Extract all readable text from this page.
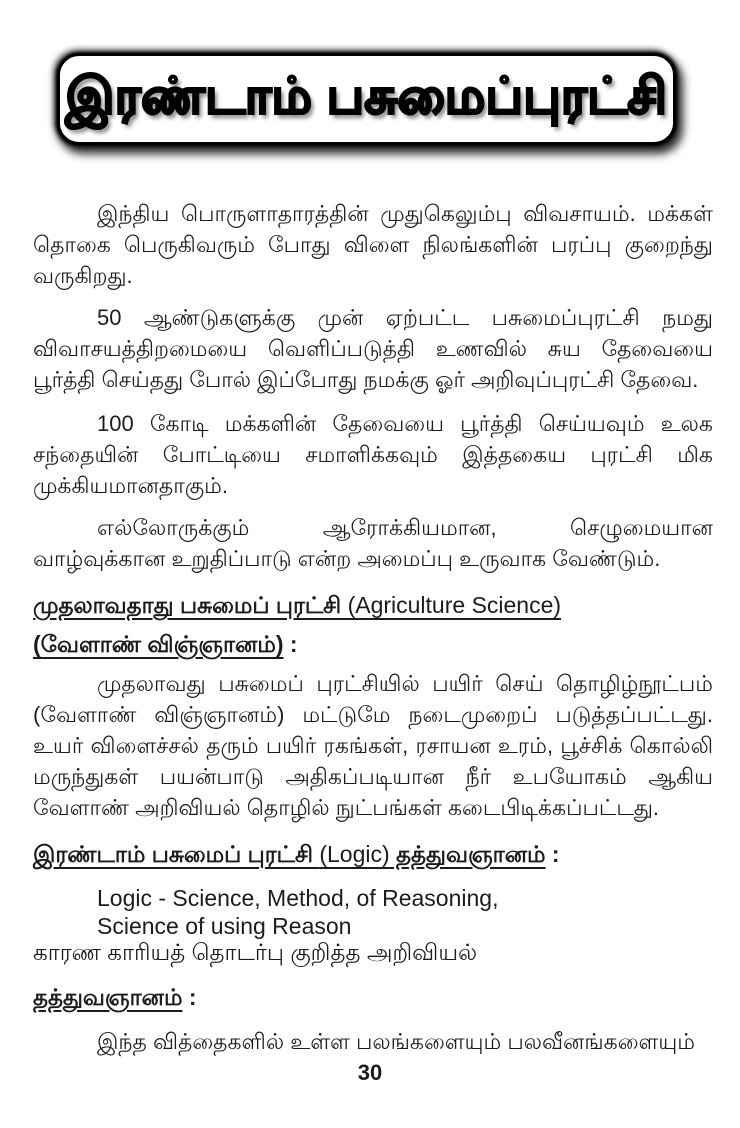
இரண்டாம் பசுமைப்புரட்சி
இந்திய பொருளாதாரத்தின் முதுகெலும்பு விவசாயம். மக்கள் தொகை பெருகிவரும் போது விளை நிலங்களின் பரப்பு குறைந்து வருகிறது.
50 ஆண்டுகளுக்கு முன் ஏற்பட்ட பசுமைப்புரட்சி நமது விவாசயத்திறமையை வெளிப்படுத்தி உணவில் சுய தேவையை பூர்த்தி செய்தது போல் இப்போது நமக்கு ஓர் அறிவுப்புரட்சி தேவை.
100 கோடி மக்களின் தேவையை பூர்த்தி செய்யவும் உலக சந்தையின் போட்டியை சமாளிக்கவும் இத்தகைய புரட்சி மிக முக்கியமானதாகும்.
எல்லோருக்கும் ஆரோக்கியமான, செழுமையான வாழ்வுக்கான உறுதிப்பாடு என்ற அமைப்பு உருவாக வேண்டும்.
முதலாவதாது பசுமைப் புரட்சி (Agriculture Science)
(வேளாண் விஞ்ஞானம்) :
முதலாவது பசுமைப் புரட்சியில் பயிர் செய் தொழிழ்நூட்பம் (வேளாண் விஞ்ஞானம்) மட்டுமே நடைமுறைப் படுத்தப்பட்டது. உயர் விளைச்சல் தரும் பயிர் ரகங்கள், ரசாயன உரம், பூச்சிக் கொல்லி மருந்துகள் பயன்பாடு அதிகப்படியான நீர் உபயோகம் ஆகிய வேளாண் அறிவியல் தொழில் நுட்பங்கள் கடைபிடிக்கப்பட்டது.
இரண்டாம் பசுமைப் புரட்சி (Logic) தத்துவஞானம் :
Logic - Science, Method, of Reasoning,
Science of using Reason
காரண காரியத் தொடர்பு குறித்த அறிவியல்
தத்துவஞானம் :
இந்த வித்தைகளில் உள்ள பலங்களையும் பலவீனங்களையும்
30
